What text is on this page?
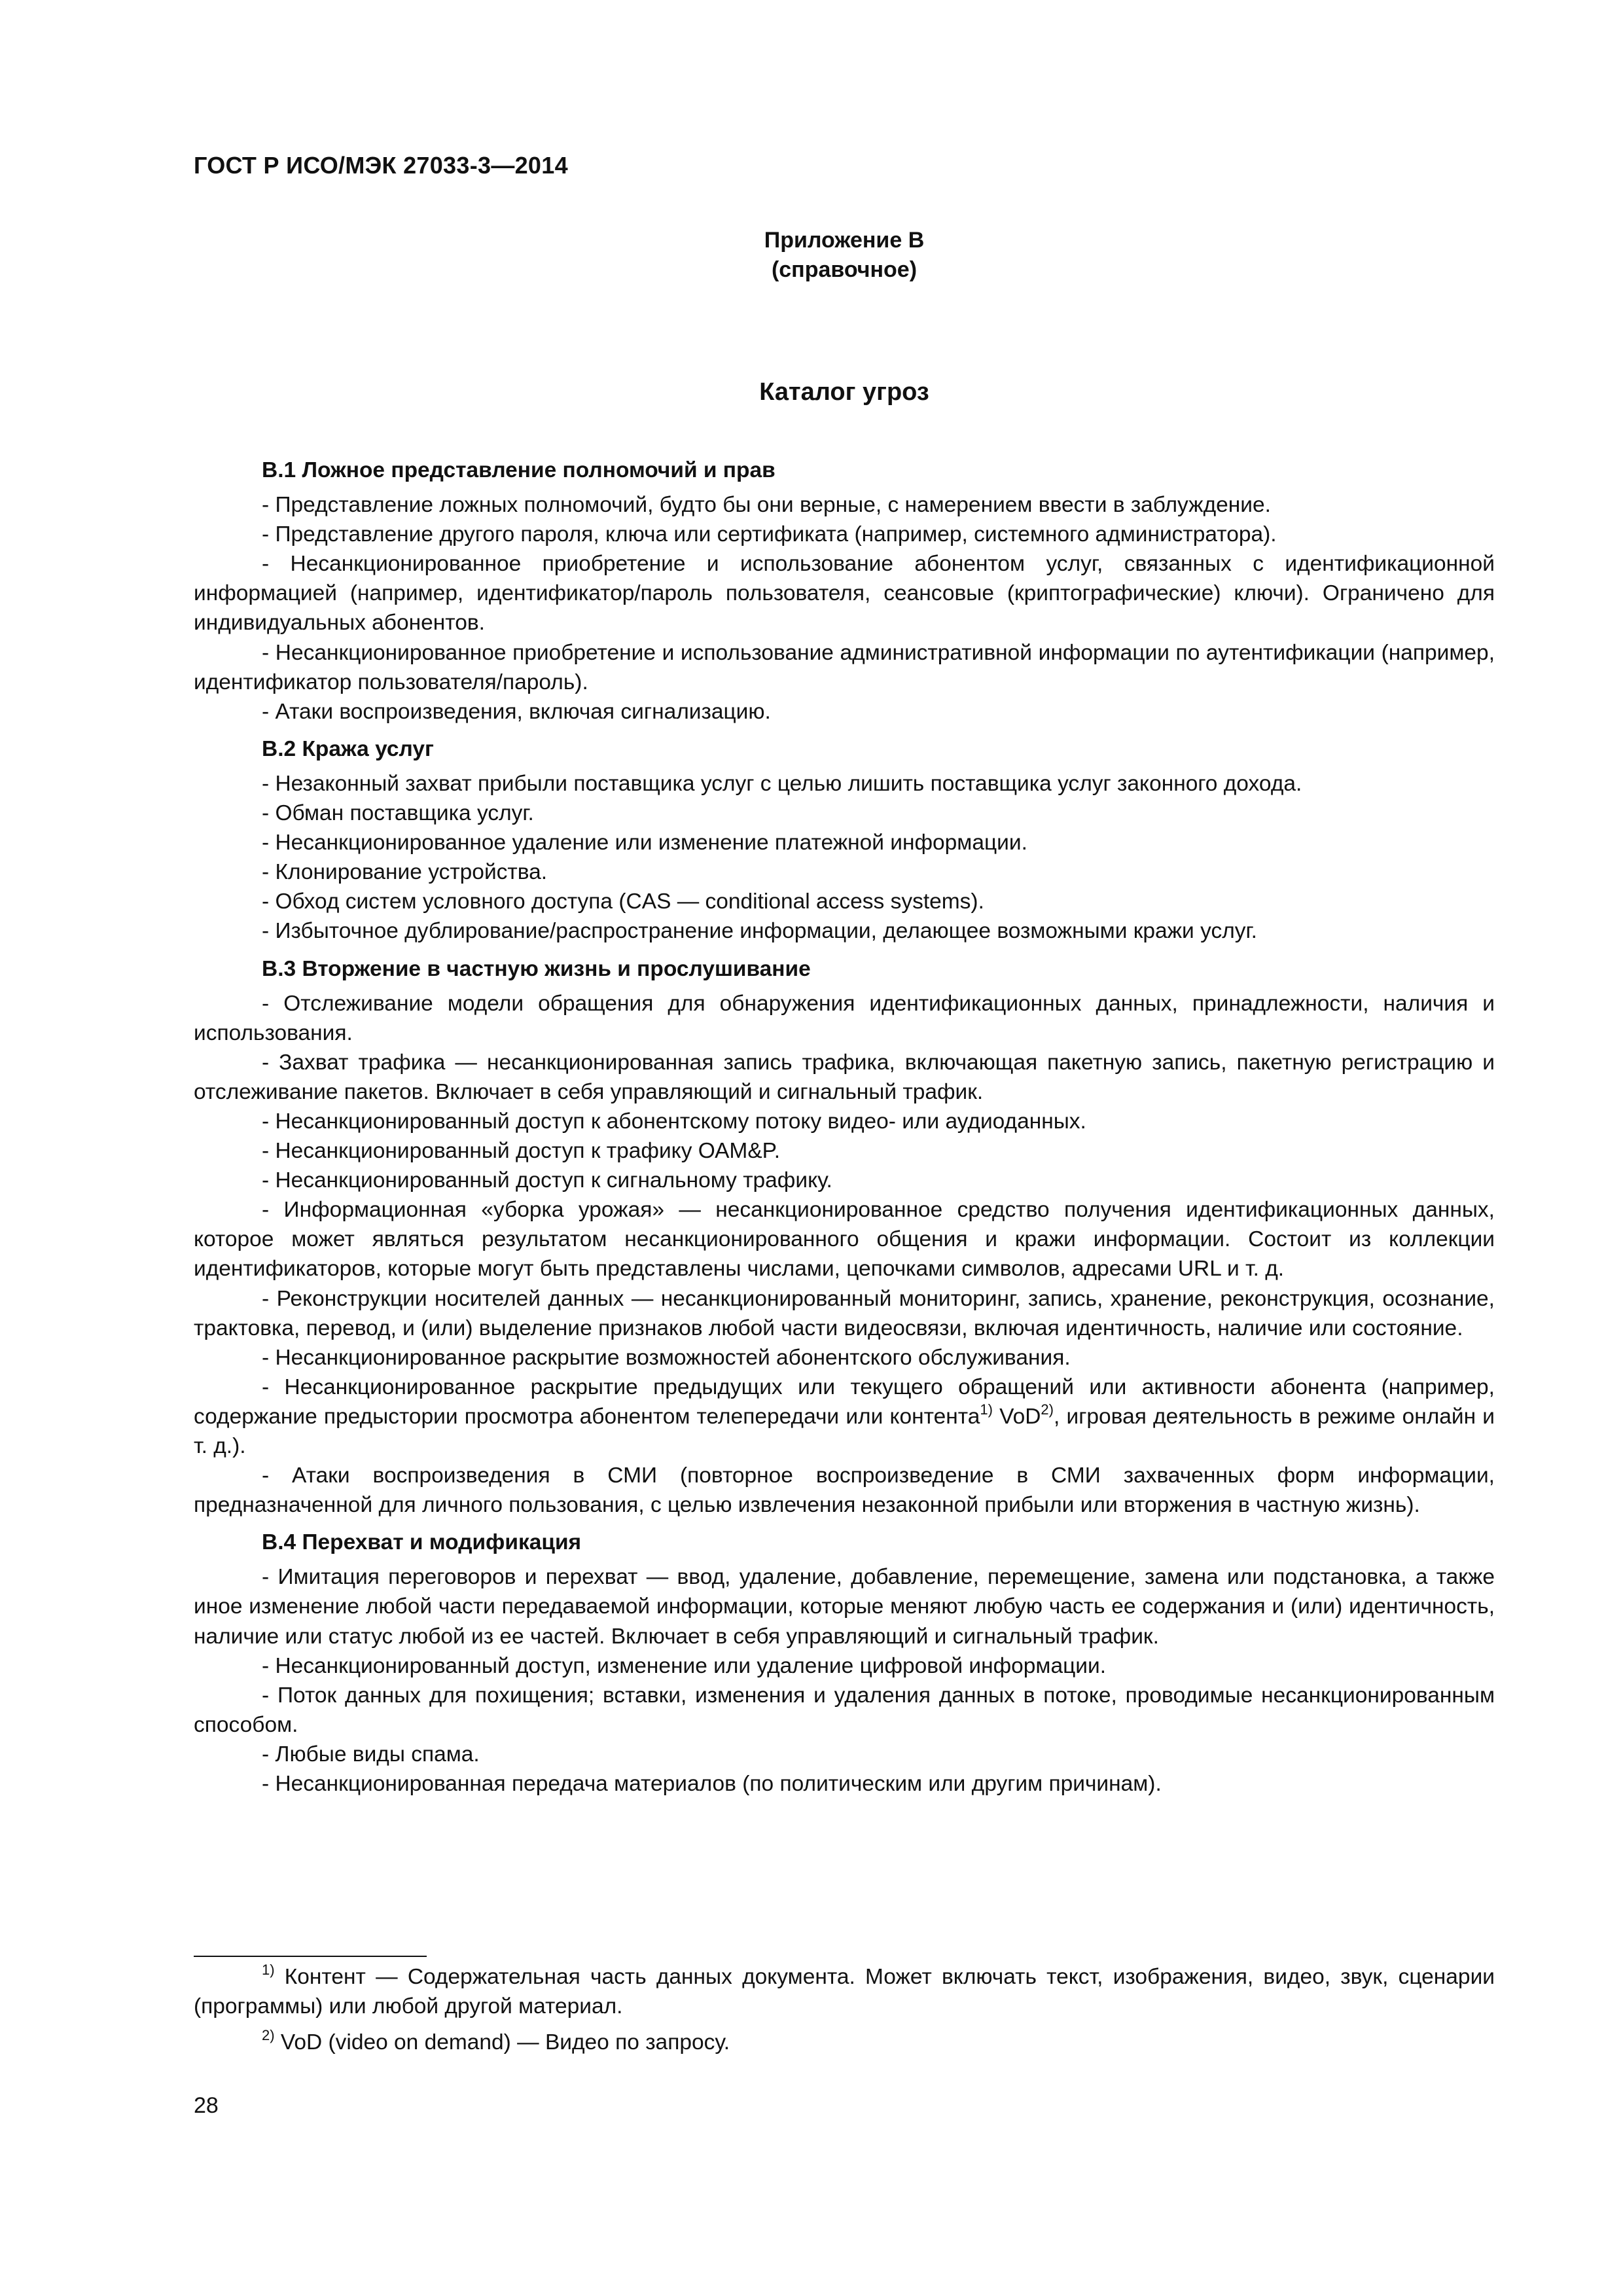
ГОСТ Р ИСО/МЭК 27033-3—2014
Приложение B
(справочное)
Каталог угроз
B.1 Ложное представление полномочий и прав

- Представление ложных полномочий, будто бы они верные, с намерением ввести в заблуждение.

- Представление другого пароля, ключа или сертификата (например, системного администратора).

- Несанкционированное приобретение и использование абонентом услуг, связанных с идентификационной информацией (например, идентификатор/пароль пользователя, сеансовые (криптографические) ключи). Ограничено для индивидуальных абонентов.

- Несанкционированное приобретение и использование административной информации по аутентификации (например, идентификатор пользователя/пароль).

- Атаки воспроизведения, включая сигнализацию.

B.2 Кража услуг

- Незаконный захват прибыли поставщика услуг с целью лишить поставщика услуг законного дохода.

- Обман поставщика услуг.

- Несанкционированное удаление или изменение платежной информации.

- Клонирование устройства.

- Обход систем условного доступа (CAS — conditional access systems).

- Избыточное дублирование/распространение информации, делающее возможными кражи услуг.

B.3 Вторжение в частную жизнь и прослушивание

- Отслеживание модели обращения для обнаружения идентификационных данных, принадлежности, наличия и использования.

- Захват трафика — несанкционированная запись трафика, включающая пакетную запись, пакетную регистрацию и отслеживание пакетов. Включает в себя управляющий и сигнальный трафик.

- Несанкционированный доступ к абонентскому потоку видео- или аудиоданных.

- Несанкционированный доступ к трафику ОАМ&P.

- Несанкционированный доступ к сигнальному трафику.

- Информационная «уборка урожая» — несанкционированное средство получения идентификационных данных, которое может являться результатом несанкционированного общения и кражи информации. Состоит из коллекции идентификаторов, которые могут быть представлены числами, цепочками символов, адресами URL и т. д.

- Реконструкции носителей данных — несанкционированный мониторинг, запись, хранение, реконструкция, осознание, трактовка, перевод, и (или) выделение признаков любой части видеосвязи, включая идентичность, наличие или состояние.

- Несанкционированное раскрытие возможностей абонентского обслуживания.

- Несанкционированное раскрытие предыдущих или текущего обращений или активности абонента (например, содержание предыстории просмотра абонентом телепередачи или контента$^{1)}$ VoD$^{2)}$, игровая деятельность в режиме онлайн и т. д.).

- Атаки воспроизведения в СМИ (повторное воспроизведение в СМИ захваченных форм информации, предназначенной для личного пользования, с целью извлечения незаконной прибыли или вторжения в частную жизнь).

B.4 Перехват и модификация

- Имитация переговоров и перехват — ввод, удаление, добавление, перемещение, замена или подстановка, а также иное изменение любой части передаваемой информации, которые меняют любую часть ее содержания и (или) идентичность, наличие или статус любой из ее частей. Включает в себя управляющий и сигнальный трафик.

- Несанкционированный доступ, изменение или удаление цифровой информации.

- Поток данных для похищения; вставки, изменения и удаления данных в потоке, проводимые несанкционированным способом.

- Любые виды спама.

- Несанкционированная передача материалов (по политическим или другим причинам).

$^{1)}$ Контент — Содержательная часть данных документа. Может включать текст, изображения, видео, звук, сценарии (программы) или любой другой материал.

$^{2)}$ VoD (video on demand) — Видео по запросу.

28
